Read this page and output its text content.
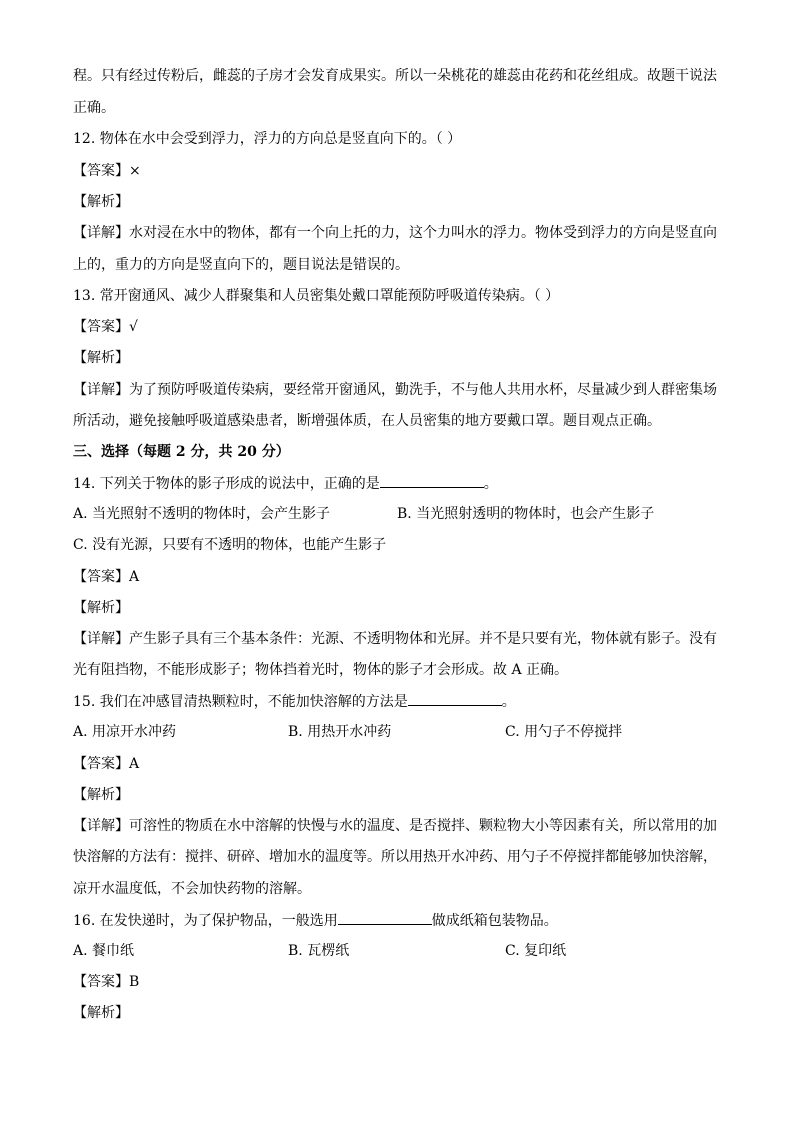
程。只有经过传粉后，雌蕊的子房才会发育成果实。所以一朵桃花的雄蕊由花药和花丝组成。故题干说法
正确。
12. 物体在水中会受到浮力，浮力的方向总是竖直向下的。（ ）
【答案】×
【解析】
【详解】水对浸在水中的物体，都有一个向上托的力，这个力叫水的浮力。物体受到浮力的方向是竖直向
上的，重力的方向是竖直向下的，题目说法是错误的。
13. 常开窗通风、减少人群聚集和人员密集处戴口罩能预防呼吸道传染病。（ ）
【答案】√
【解析】
【详解】为了预防呼吸道传染病，要经常开窗通风，勤洗手，不与他人共用水杯，尽量减少到人群密集场
所活动，避免接触呼吸道感染患者，断增强体质，在人员密集的地方要戴口罩。题目观点正确。
三、选择（每题 2 分，共 20 分）
14. 下列关于物体的影子形成的说法中，正确的是	。
A. 当光照射不透明的物体时，会产生影子	B. 当光照射透明的物体时，也会产生影子
C. 没有光源，只要有不透明的物体，也能产生影子
【答案】A
【解析】
【详解】产生影子具有三个基本条件：光源、不透明物体和光屏。并不是只要有光，物体就有影子。没有
光有阻挡物，不能形成影子；物体挡着光时，物体的影子才会形成。故 A 正确。
15. 我们在冲感冒清热颗粒时，不能加快溶解的方法是	。
A. 用凉开水冲药	B. 用热开水冲药	C. 用勺子不停搅拌
【答案】A
【解析】
【详解】可溶性的物质在水中溶解的快慢与水的温度、是否搅拌、颗粒物大小等因素有关，所以常用的加
快溶解的方法有：搅拌、研碎、增加水的温度等。所以用热开水冲药、用勺子不停搅拌都能够加快溶解，
凉开水温度低，不会加快药物的溶解。
16. 在发快递时，为了保护物品，一般选用	做成纸箱包装物品。
A. 餐巾纸	B. 瓦楞纸	C. 复印纸
【答案】B
【解析】
